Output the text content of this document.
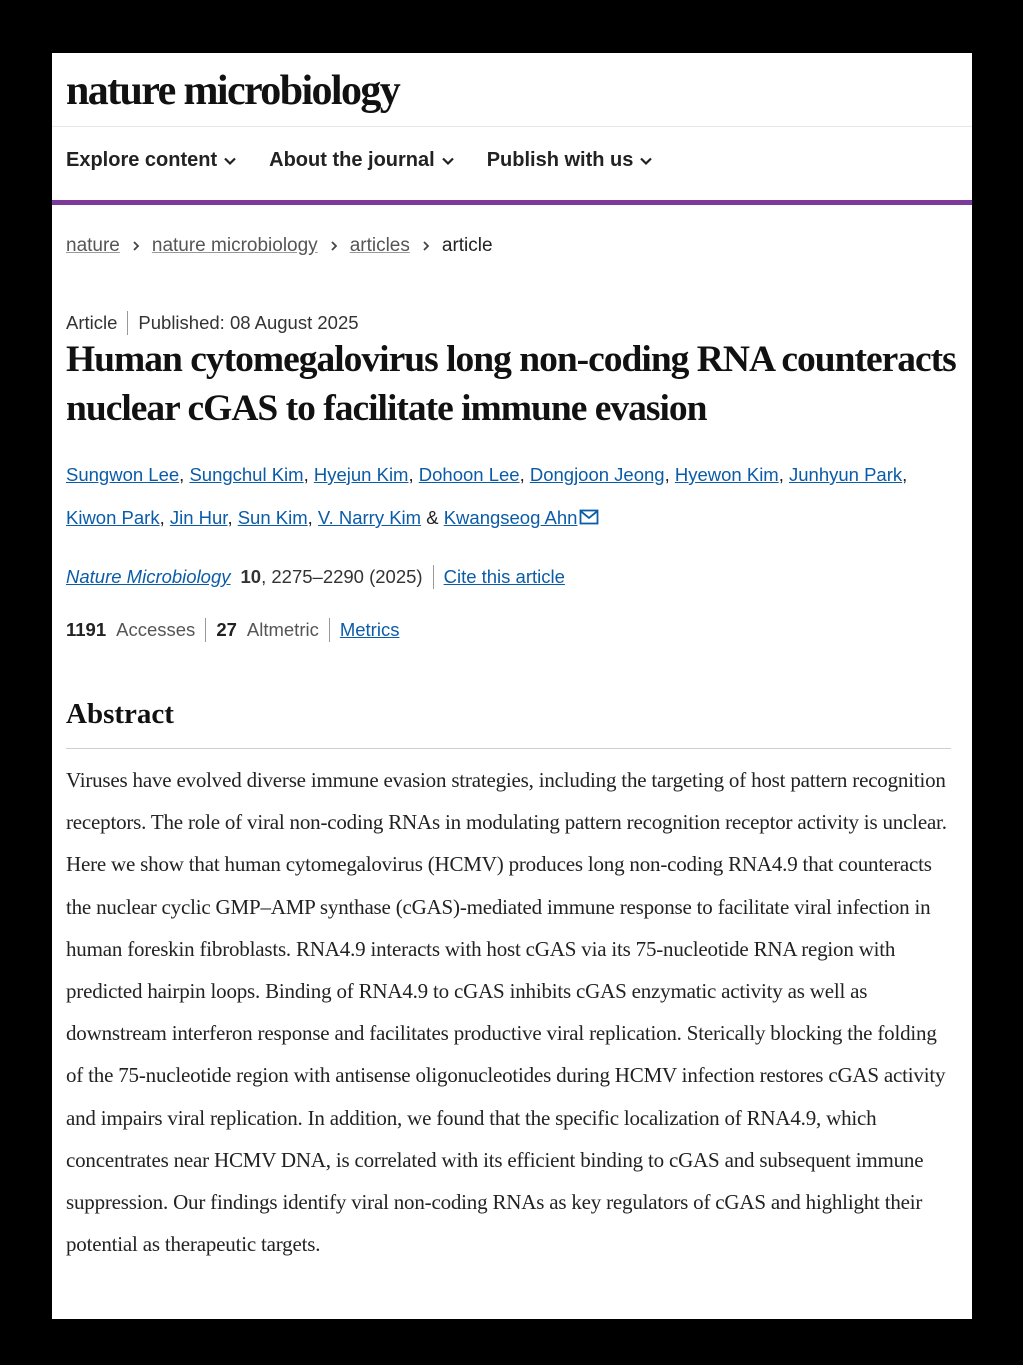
nature microbiology
Explore content	About the journal	Publish with us
nature nature microbiology articles article
Article Published: 08 August 2025
Human cytomegalovirus long non-coding RNA counteracts nuclear cGAS to facilitate immune evasion
Sungwon Lee, Sungchul Kim, Hyejun Kim, Dohoon Lee, Dongjoon Jeong, Hyewon Kim, Junhyun Park, Kiwon Park, Jin Hur, Sun Kim, V. Narry Kim & Kwangseog Ahn
Nature Microbiology 10 , 2275–2290 (2025) Cite this article
1191 Accesses 27 Altmetric Metrics
Abstract

Viruses have evolved diverse immune evasion strategies, including the targeting of host pattern recognition receptors. The role of viral non-coding RNAs in modulating pattern recognition receptor activity is unclear. Here we show that human cytomegalovirus (HCMV) produces long non-coding RNA4.9 that counteracts the nuclear cyclic GMP–AMP synthase (cGAS)-mediated immune response to facilitate viral infection in human foreskin fibroblasts. RNA4.9 interacts with host cGAS via its 75-nucleotide RNA region with predicted hairpin loops. Binding of RNA4.9 to cGAS inhibits cGAS enzymatic activity as well as downstream interferon response and facilitates productive viral replication. Sterically blocking the folding of the 75-nucleotide region with antisense oligonucleotides during HCMV infection restores cGAS activity and impairs viral replication. In addition, we found that the specific localization of RNA4.9, which concentrates near HCMV DNA, is correlated with its efficient binding to cGAS and subsequent immune suppression. Our findings identify viral non-coding RNAs as key regulators of cGAS and highlight their potential as therapeutic targets.
